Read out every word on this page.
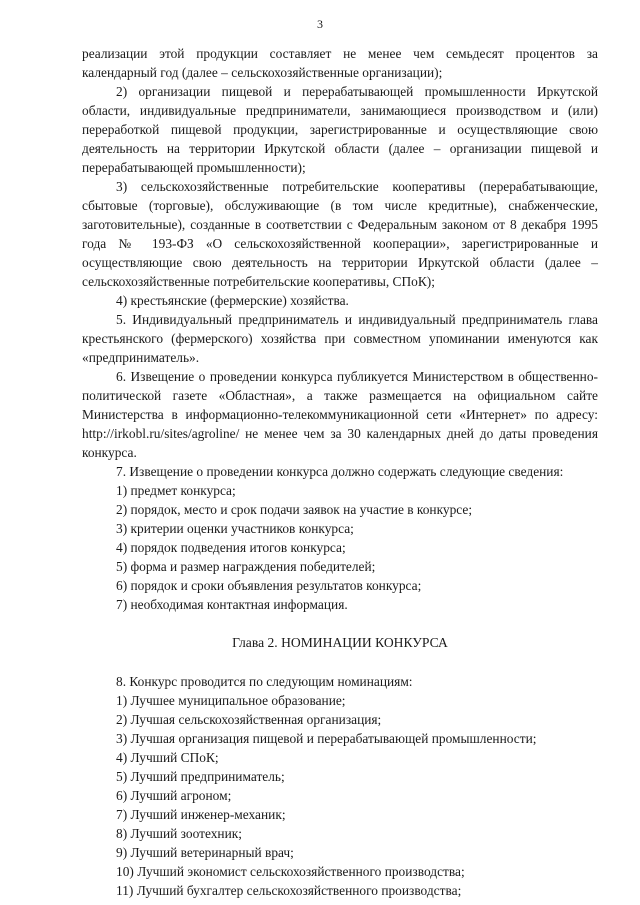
3

реализации этой продукции составляет не менее чем семьдесят процентов за календарный год (далее – сельскохозяйственные организации);

2) организации пищевой и перерабатывающей промышленности Иркутской области, индивидуальные предприниматели, занимающиеся производством и (или) переработкой пищевой продукции, зарегистрированные и осуществляющие свою деятельность на территории Иркутской области (далее – организации пищевой и перерабатывающей промышленности);

3) сельскохозяйственные потребительские кооперативы (перерабатывающие, сбытовые (торговые), обслуживающие (в том числе кредитные), снабженческие, заготовительные), созданные в соответствии с Федеральным законом от 8 декабря 1995 года № 193-ФЗ «О сельскохозяйственной кооперации», зарегистрированные и осуществляющие свою деятельность на территории Иркутской области (далее – сельскохозяйственные потребительские кооперативы, СПоК);

4) крестьянские (фермерские) хозяйства.

5. Индивидуальный предприниматель и индивидуальный предприниматель глава крестьянского (фермерского) хозяйства при совместном упоминании именуются как «предприниматель».

6. Извещение о проведении конкурса публикуется Министерством в общественно-политической газете «Областная», а также размещается на официальном сайте Министерства в информационно-телекоммуникационной сети «Интернет» по адресу: http://irkobl.ru/sites/agroline/ не менее чем за 30 календарных дней до даты проведения конкурса.

7. Извещение о проведении конкурса должно содержать следующие сведения:

1) предмет конкурса;
2) порядок, место и срок подачи заявок на участие в конкурсе;
3) критерии оценки участников конкурса;
4) порядок подведения итогов конкурса;
5) форма и размер награждения победителей;
6) порядок и сроки объявления результатов конкурса;
7) необходимая контактная информация.
Глава 2. НОМИНАЦИИ КОНКУРСА
8. Конкурс проводится по следующим номинациям:
1) Лучшее муниципальное образование;
2) Лучшая сельскохозяйственная организация;
3) Лучшая организация пищевой и перерабатывающей промышленности;
4) Лучший СПоК;
5) Лучший предприниматель;
6) Лучший агроном;
7) Лучший инженер-механик;
8) Лучший зоотехник;
9) Лучший ветеринарный врач;
10) Лучший экономист сельскохозяйственного производства;
11) Лучший бухгалтер сельскохозяйственного производства;
